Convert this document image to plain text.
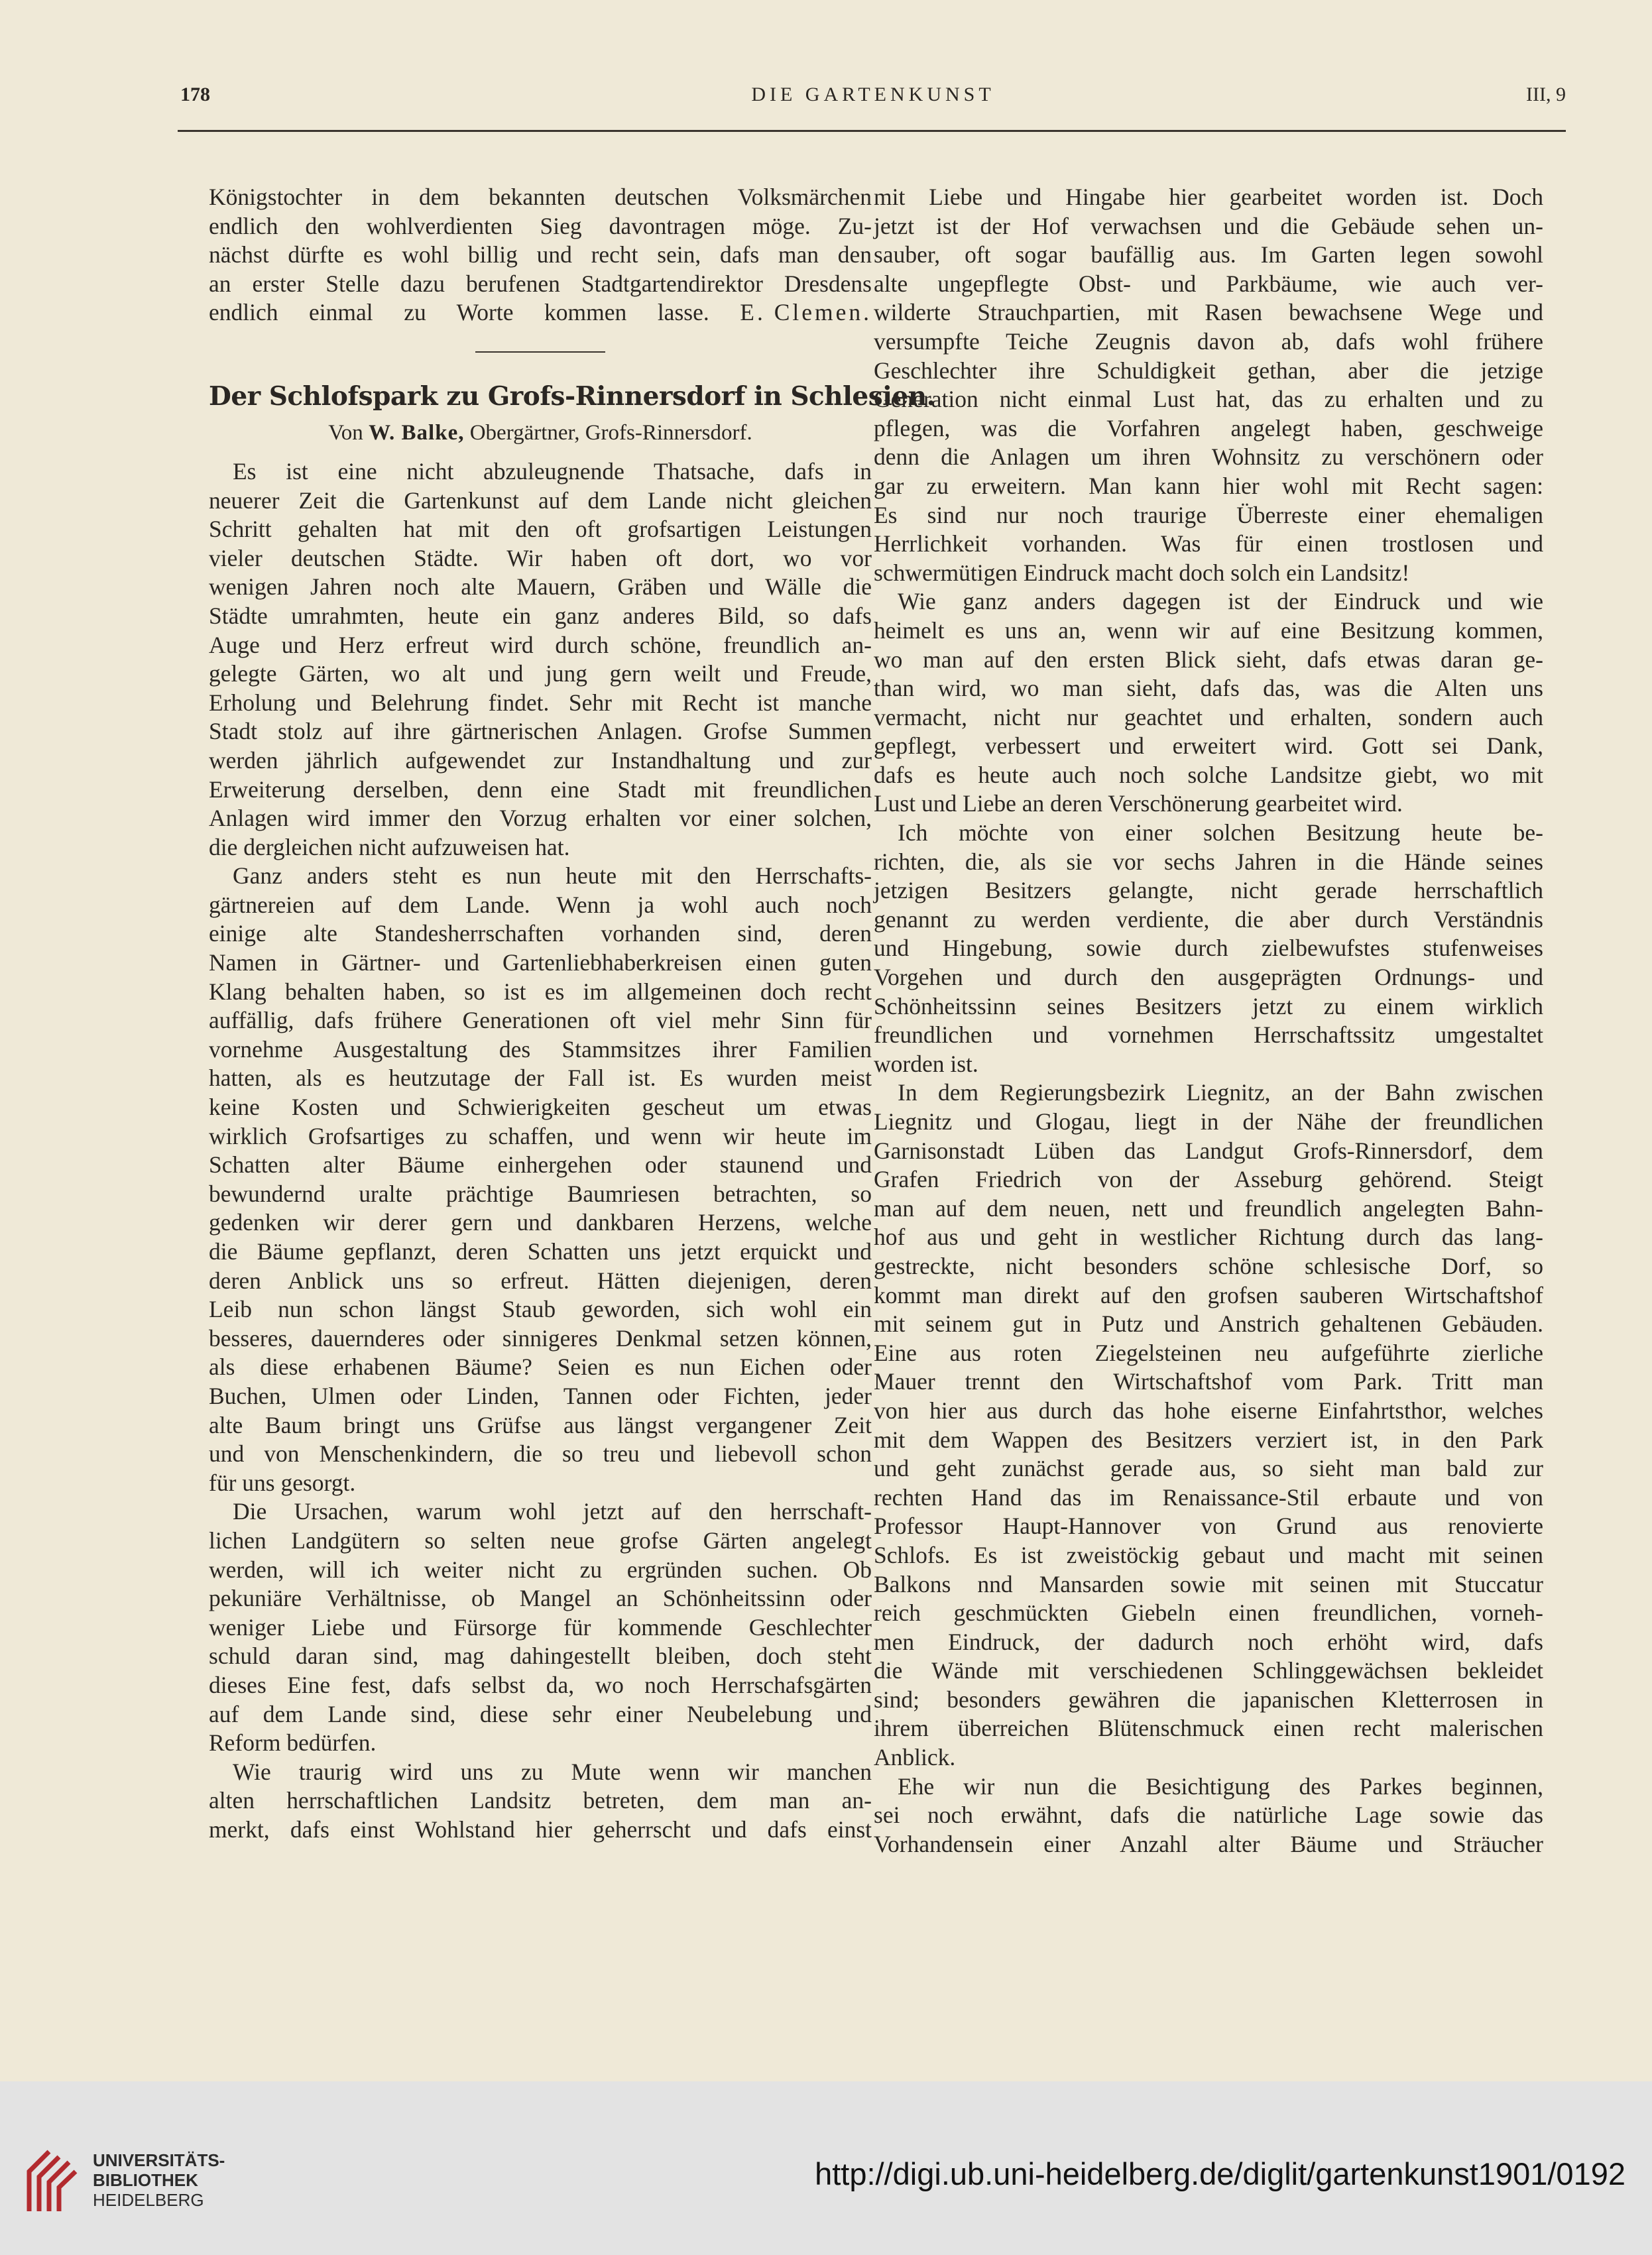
178	DIE GARTENKUNST	III, 9
Königstochter in dem bekannten deutschen Volksmärchen
endlich den wohlverdienten Sieg davontragen möge. Zu-
nächst dürfte es wohl billig und recht sein, dafs man den
an erster Stelle dazu berufenen Stadtgartendirektor Dresdens
endlich einmal zu Worte kommen lasse. E. Clemen.
Der Schlofspark zu Grofs-Rinnersdorf in Schlesien.
Von W. Balke, Obergärtner, Grofs-Rinnersdorf.

Es ist eine nicht abzuleugnende Thatsache, dafs in
neuerer Zeit die Gartenkunst auf dem Lande nicht gleichen
Schritt gehalten hat mit den oft grofsartigen Leistungen
vieler deutschen Städte. Wir haben oft dort, wo vor
wenigen Jahren noch alte Mauern, Gräben und Wälle die
Städte umrahmten, heute ein ganz anderes Bild, so dafs
Auge und Herz erfreut wird durch schöne, freundlich an-
gelegte Gärten, wo alt und jung gern weilt und Freude,
Erholung und Belehrung findet. Sehr mit Recht ist manche
Stadt stolz auf ihre gärtnerischen Anlagen. Grofse Summen
werden jährlich aufgewendet zur Instandhaltung und zur
Erweiterung derselben, denn eine Stadt mit freundlichen
Anlagen wird immer den Vorzug erhalten vor einer solchen,
die dergleichen nicht aufzuweisen hat.

Ganz anders steht es nun heute mit den Herrschafts-
gärtnereien auf dem Lande. Wenn ja wohl auch noch
einige alte Standesherrschaften vorhanden sind, deren
Namen in Gärtner- und Gartenliebhaberkreisen einen guten
Klang behalten haben, so ist es im allgemeinen doch recht
auffällig, dafs frühere Generationen oft viel mehr Sinn für
vornehme Ausgestaltung des Stammsitzes ihrer Familien
hatten, als es heutzutage der Fall ist. Es wurden meist
keine Kosten und Schwierigkeiten gescheut um etwas
wirklich Grofsartiges zu schaffen, und wenn wir heute im
Schatten alter Bäume einhergehen oder staunend und
bewundernd uralte prächtige Baumriesen betrachten, so
gedenken wir derer gern und dankbaren Herzens, welche
die Bäume gepflanzt, deren Schatten uns jetzt erquickt und
deren Anblick uns so erfreut. Hätten diejenigen, deren
Leib nun schon längst Staub geworden, sich wohl ein
besseres, dauernderes oder sinnigeres Denkmal setzen können,
als diese erhabenen Bäume? Seien es nun Eichen oder
Buchen, Ulmen oder Linden, Tannen oder Fichten, jeder
alte Baum bringt uns Grüfse aus längst vergangener Zeit
und von Menschenkindern, die so treu und liebevoll schon
für uns gesorgt.

Die Ursachen, warum wohl jetzt auf den herrschaft-
lichen Landgütern so selten neue grofse Gärten angelegt
werden, will ich weiter nicht zu ergründen suchen. Ob
pekuniäre Verhältnisse, ob Mangel an Schönheitssinn oder
weniger Liebe und Fürsorge für kommende Geschlechter
schuld daran sind, mag dahingestellt bleiben, doch steht
dieses Eine fest, dafs selbst da, wo noch Herrschafsgärten
auf dem Lande sind, diese sehr einer Neubelebung und
Reform bedürfen.

Wie traurig wird uns zu Mute wenn wir manchen
alten herrschaftlichen Landsitz betreten, dem man an-
merkt, dafs einst Wohlstand hier geherrscht und dafs einst

mit Liebe und Hingabe hier gearbeitet worden ist. Doch
jetzt ist der Hof verwachsen und die Gebäude sehen un-
sauber, oft sogar baufällig aus. Im Garten legen sowohl
alte ungepflegte Obst- und Parkbäume, wie auch ver-
wilderte Strauchpartien, mit Rasen bewachsene Wege und
versumpfte Teiche Zeugnis davon ab, dafs wohl frühere
Geschlechter ihre Schuldigkeit gethan, aber die jetzige
Generation nicht einmal Lust hat, das zu erhalten und zu
pflegen, was die Vorfahren angelegt haben, geschweige
denn die Anlagen um ihren Wohnsitz zu verschönern oder
gar zu erweitern. Man kann hier wohl mit Recht sagen:
Es sind nur noch traurige Überreste einer ehemaligen
Herrlichkeit vorhanden. Was für einen trostlosen und
schwermütigen Eindruck macht doch solch ein Landsitz!

Wie ganz anders dagegen ist der Eindruck und wie
heimelt es uns an, wenn wir auf eine Besitzung kommen,
wo man auf den ersten Blick sieht, dafs etwas daran ge-
than wird, wo man sieht, dafs das, was die Alten uns
vermacht, nicht nur geachtet und erhalten, sondern auch
gepflegt, verbessert und erweitert wird. Gott sei Dank,
dafs es heute auch noch solche Landsitze giebt, wo mit
Lust und Liebe an deren Verschönerung gearbeitet wird.

Ich möchte von einer solchen Besitzung heute be-
richten, die, als sie vor sechs Jahren in die Hände seines
jetzigen Besitzers gelangte, nicht gerade herrschaftlich
genannt zu werden verdiente, die aber durch Verständnis
und Hingebung, sowie durch zielbewufstes stufenweises
Vorgehen und durch den ausgeprägten Ordnungs- und
Schönheitssinn seines Besitzers jetzt zu einem wirklich
freundlichen und vornehmen Herrschaftssitz umgestaltet
worden ist.

In dem Regierungsbezirk Liegnitz, an der Bahn zwischen
Liegnitz und Glogau, liegt in der Nähe der freundlichen
Garnisonstadt Lüben das Landgut Grofs-Rinnersdorf, dem
Grafen Friedrich von der Asseburg gehörend. Steigt
man auf dem neuen, nett und freundlich angelegten Bahn-
hof aus und geht in westlicher Richtung durch das lang-
gestreckte, nicht besonders schöne schlesische Dorf, so
kommt man direkt auf den grofsen sauberen Wirtschaftshof
mit seinem gut in Putz und Anstrich gehaltenen Gebäuden.
Eine aus roten Ziegelsteinen neu aufgeführte zierliche
Mauer trennt den Wirtschaftshof vom Park. Tritt man
von hier aus durch das hohe eiserne Einfahrtsthor, welches
mit dem Wappen des Besitzers verziert ist, in den Park
und geht zunächst gerade aus, so sieht man bald zur
rechten Hand das im Renaissance-Stil erbaute und von
Professor Haupt-Hannover von Grund aus renovierte
Schlofs. Es ist zweistöckig gebaut und macht mit seinen
Balkons nnd Mansarden sowie mit seinen mit Stuccatur
reich geschmückten Giebeln einen freundlichen, vorneh-
men Eindruck, der dadurch noch erhöht wird, dafs
die Wände mit verschiedenen Schlinggewächsen bekleidet
sind; besonders gewähren die japanischen Kletterrosen in
ihrem überreichen Blütenschmuck einen recht malerischen
Anblick.

Ehe wir nun die Besichtigung des Parkes beginnen,
sei noch erwähnt, dafs die natürliche Lage sowie das
Vorhandensein einer Anzahl alter Bäume und Sträucher

UNIVERSITÄTS-
BIBLIOTHEK
HEIDELBERG
http://digi.ub.uni-heidelberg.de/diglit/gartenkunst1901/0192
